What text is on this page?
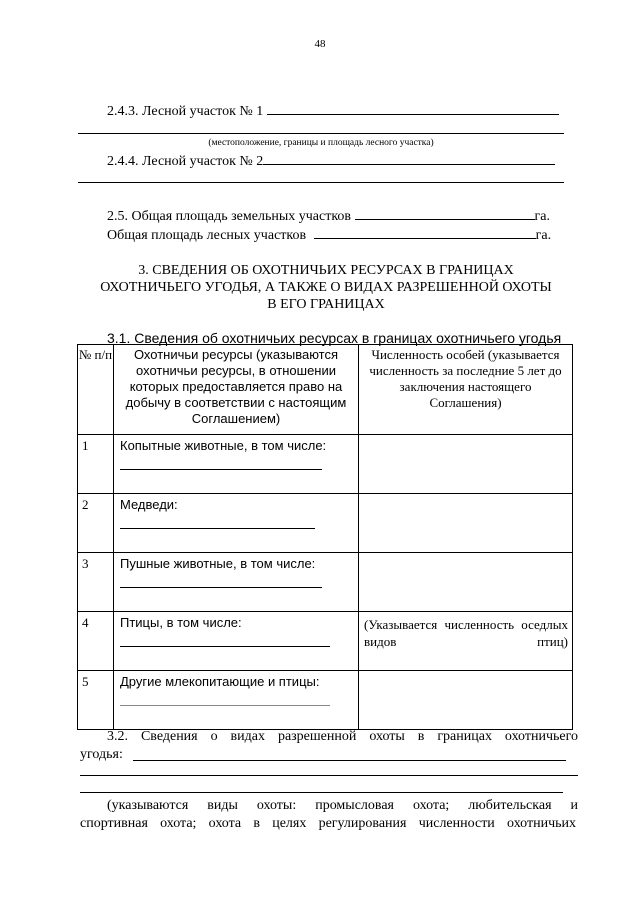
48
2.4.3. Лесной участок № 1
(местоположение, границы и площадь лесного участка)
2.4.4. Лесной участок № 2
2.5. Общая площадь земельных участков	га.
Общая площадь лесных участков	га.
3. СВЕДЕНИЯ ОБ ОХОТНИЧЬИХ РЕСУРСАХ В ГРАНИЦАХ
ОХОТНИЧЬЕГО УГОДЬЯ, А ТАКЖЕ О ВИДАХ РАЗРЕШЕННОЙ ОХОТЫ
В ЕГО ГРАНИЦАХ
3.1. Сведения об охотничьих ресурсах в границах охотничьего угодья
№ п/п	Охотничьи ресурсы (указываются охотничьи ресурсы, в отношении которых предоставляется право на добычу в соответствии с настоящим Соглашением)	Численность особей (указывается численность за последние 5 лет до заключения настоящего Соглашения)
1	Копытные животные, в том числе:

2	Медведи:

3	Пушные животные, в том числе:

4	Птицы, в том числе:	(Указывается численность оседлых видов птиц)
5	Другие млекопитающие и птицы:

3.2. Сведения о видах разрешенной охоты в границах охотничьего
угодья:
(указываются виды охоты: промысловая охота; любительская и
спортивная охота; охота в целях регулирования численности охотничьих
